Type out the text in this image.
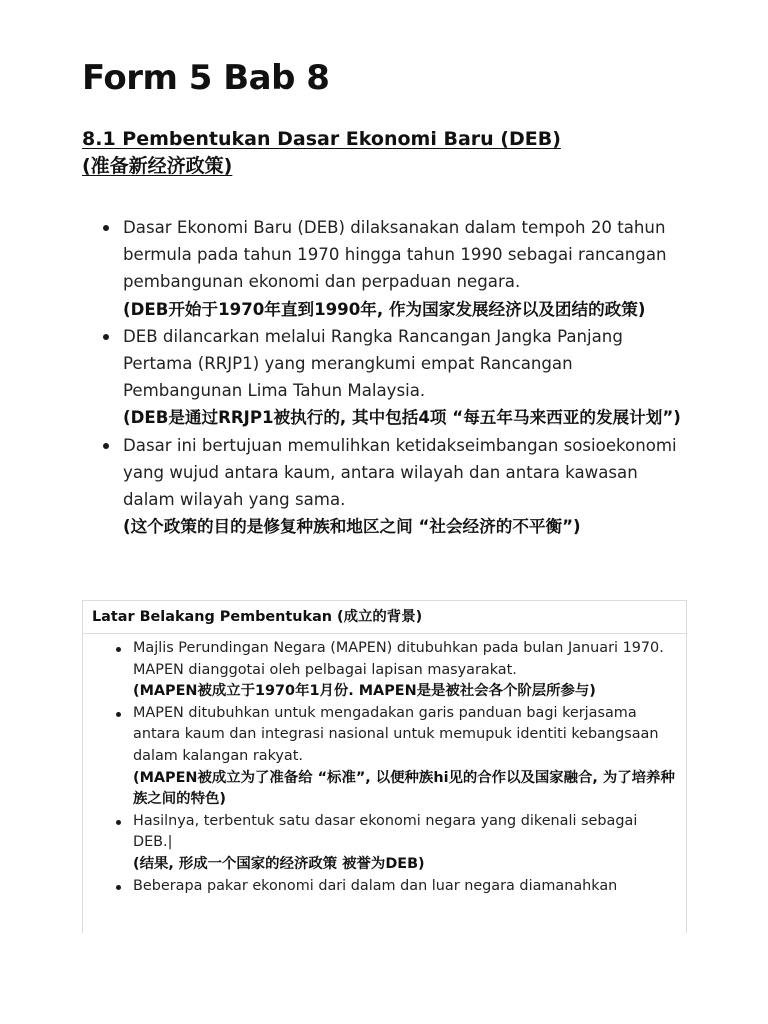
Form 5 Bab 8
8.1 Pembentukan Dasar Ekonomi Baru (DEB)
(准备新经济政策)
Dasar Ekonomi Baru (DEB) dilaksanakan dalam tempoh 20 tahun bermula pada tahun 1970 hingga tahun 1990 sebagai rancangan pembangunan ekonomi dan perpaduan negara.
(DEB开始于1970年直到1990年, 作为国家发展经济以及团结的政策)
DEB dilancarkan melalui Rangka Rancangan Jangka Panjang Pertama (RRJP1) yang merangkumi empat Rancangan Pembangunan Lima Tahun Malaysia.
(DEB是通过RRJP1被执行的, 其中包括4项 “每五年马来西亚的发展计划”)
Dasar ini bertujuan memulihkan ketidakseimbangan sosioekonomi yang wujud antara kaum, antara wilayah dan antara kawasan dalam wilayah yang sama.
(这个政策的目的是修复种族和地区之间 “社会经济的不平衡”)
Latar Belakang Pembentukan (成立的背景)
Majlis Perundingan Negara (MAPEN) ditubuhkan pada bulan Januari 1970. MAPEN dianggotai oleh pelbagai lapisan masyarakat.
(MAPEN被成立于1970年1月份. MAPEN是是被社会各个阶层所参与)
MAPEN ditubuhkan untuk mengadakan garis panduan bagi kerjasama antara kaum dan integrasi nasional untuk memupuk identiti kebangsaan dalam kalangan rakyat.
(MAPEN被成立为了准备给 “标准”, 以便种族hi见的合作以及国家融合, 为了培养种族之间的特色)
Hasilnya, terbentuk satu dasar ekonomi negara yang dikenali sebagai DEB.|
(结果, 形成一个国家的经济政策 被誉为DEB)
Beberapa pakar ekonomi dari dalam dan luar negara diamanahkan
